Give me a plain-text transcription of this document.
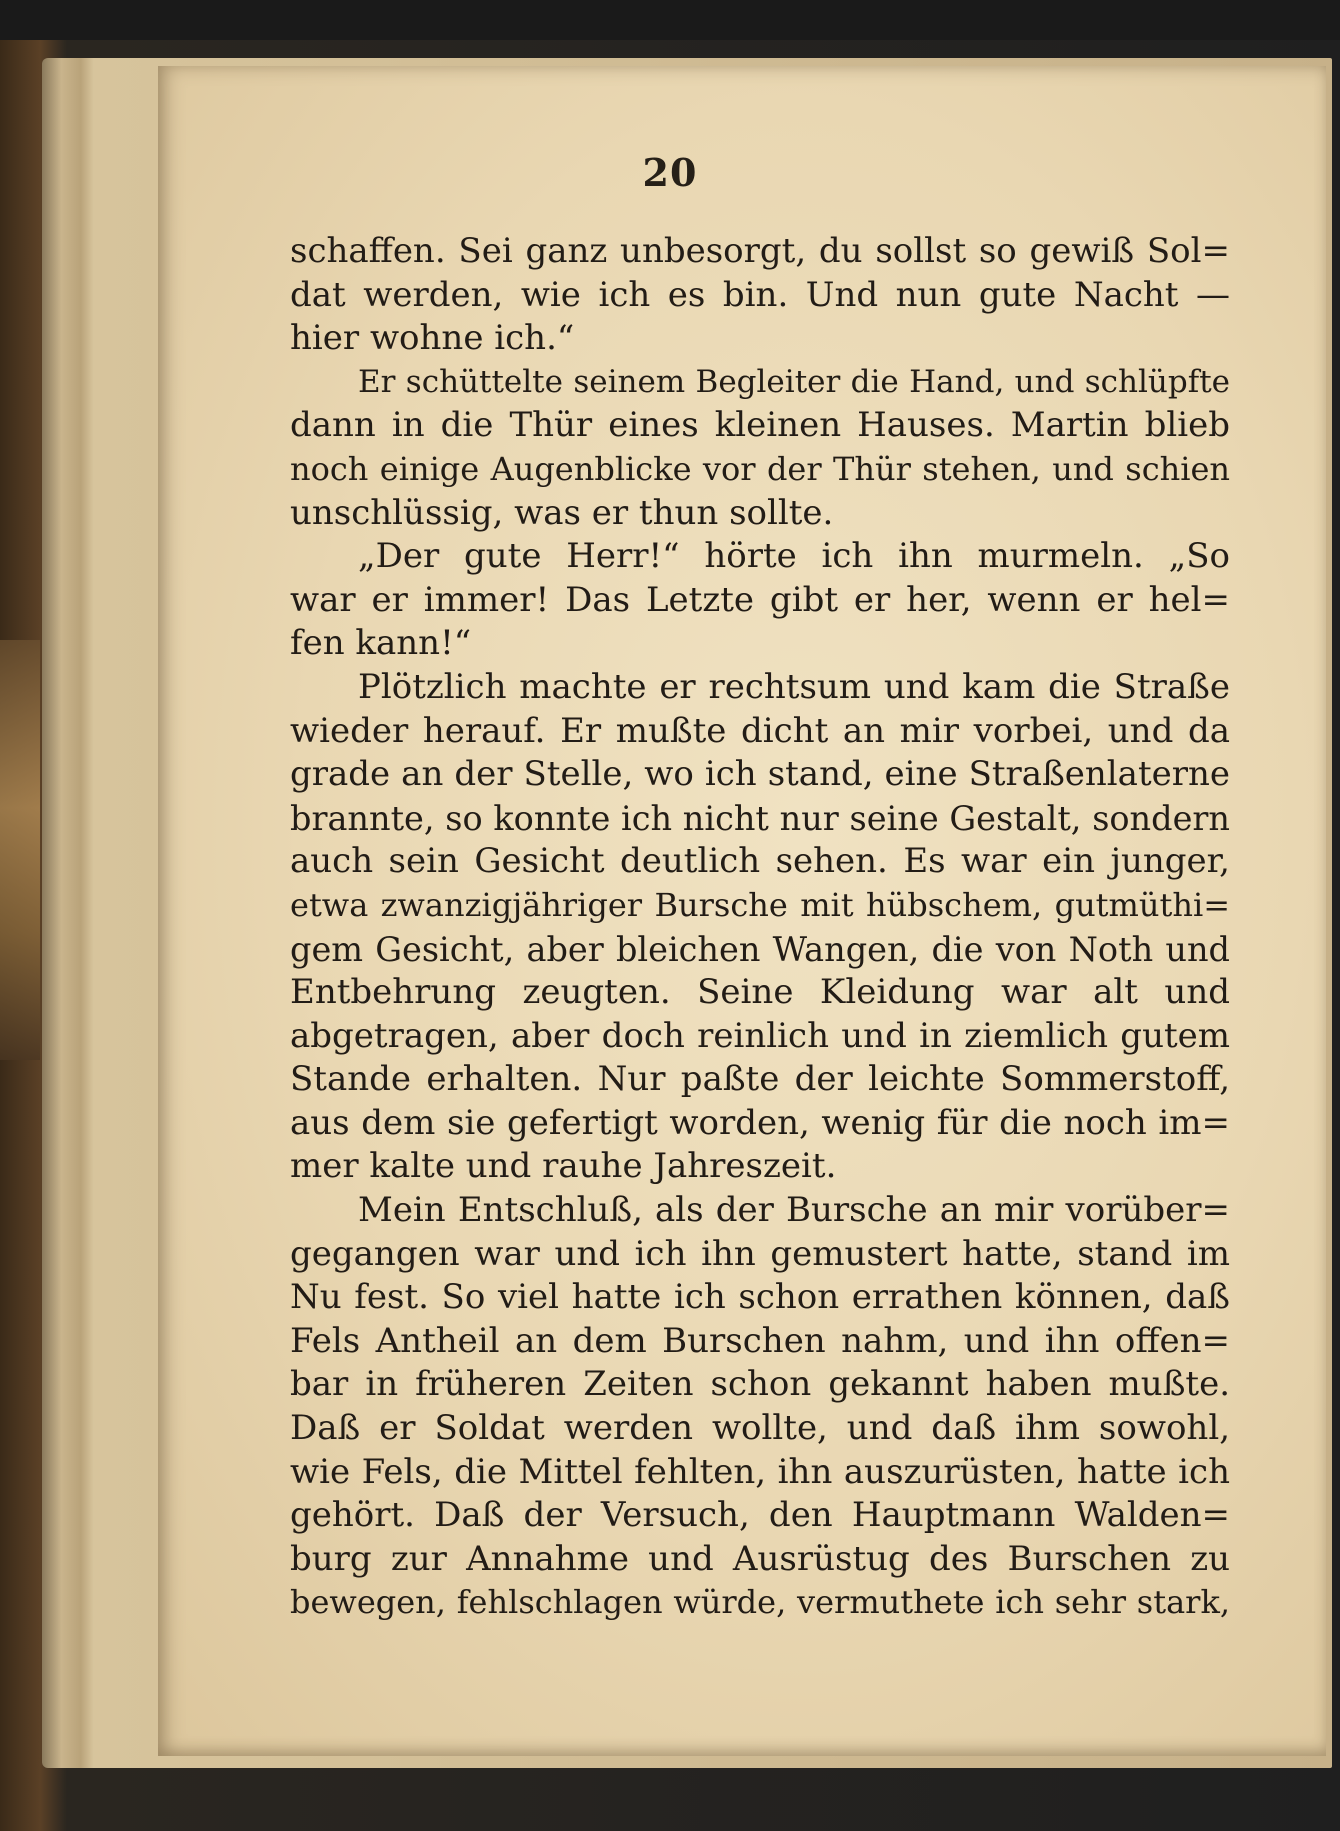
20
schaffen. Sei ganz unbesorgt, du sollst so gewiß Sol=
dat werden, wie ich es bin. Und nun gute Nacht —
hier wohne ich.“
Er schüttelte seinem Begleiter die Hand, und schlüpfte
dann in die Thür eines kleinen Hauses. Martin blieb
noch einige Augenblicke vor der Thür stehen, und schien
unschlüssig, was er thun sollte.
„Der gute Herr!“ hörte ich ihn murmeln. „So
war er immer! Das Letzte gibt er her, wenn er hel=
fen kann!“
Plötzlich machte er rechtsum und kam die Straße
wieder herauf. Er mußte dicht an mir vorbei, und da
grade an der Stelle, wo ich stand, eine Straßenlaterne
brannte, so konnte ich nicht nur seine Gestalt, sondern
auch sein Gesicht deutlich sehen. Es war ein junger,
etwa zwanzigjähriger Bursche mit hübschem, gutmüthi=
gem Gesicht, aber bleichen Wangen, die von Noth und
Entbehrung zeugten. Seine Kleidung war alt und
abgetragen, aber doch reinlich und in ziemlich gutem
Stande erhalten. Nur paßte der leichte Sommerstoff,
aus dem sie gefertigt worden, wenig für die noch im=
mer kalte und rauhe Jahreszeit.
Mein Entschluß, als der Bursche an mir vorüber=
gegangen war und ich ihn gemustert hatte, stand im
Nu fest. So viel hatte ich schon errathen können, daß
Fels Antheil an dem Burschen nahm, und ihn offen=
bar in früheren Zeiten schon gekannt haben mußte.
Daß er Soldat werden wollte, und daß ihm sowohl,
wie Fels, die Mittel fehlten, ihn auszurüsten, hatte ich
gehört. Daß der Versuch, den Hauptmann Walden=
burg zur Annahme und Ausrüstug des Burschen zu
bewegen, fehlschlagen würde, vermuthete ich sehr stark,
